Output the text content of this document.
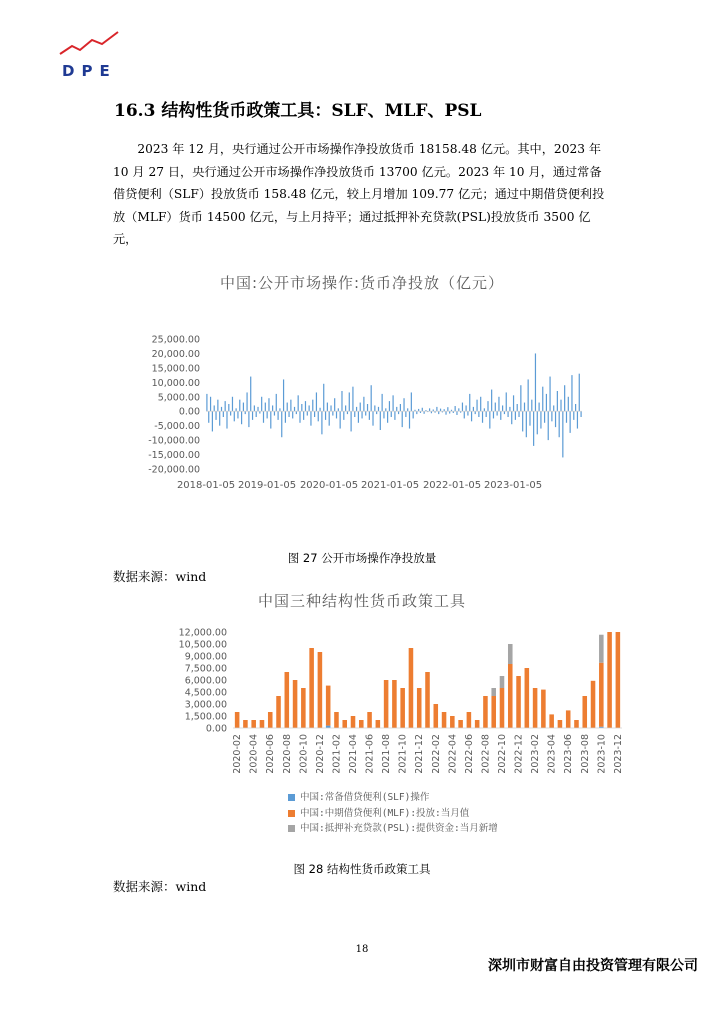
DPE
16.3 结构性货币政策工具：SLF、MLF、PSL

2023 年 12 月，央行通过公开市场操作净投放货币 18158.48 亿元。其中，2023 年 10 月 27 日，央行通过公开市场操作净投放货币 13700 亿元。2023 年 10 月，通过常备借贷便利（SLF）投放货币 158.48 亿元，较上月增加 109.77 亿元；通过中期借贷便利投放（MLF）货币 14500 亿元，与上月持平；通过抵押补充贷款(PSL)投放货币 3500 亿元，

中国:公开市场操作:货币净投放（亿元）
25,000.00
20,000.00
15,000.00
10,000.00
5,000.00
0.00
-5,000.00
-10,000.00
-15,000.00
-20,000.00
2018-01-05 2019-01-05 2020-01-05 2021-01-05 2022-01-05 2023-01-05
图 27 公开市场操作净投放量
数据来源：wind
中国三种结构性货币政策工具
12,000.00
10,500.00
9,000.00
7,500.00
6,000.00
4,500.00
3,000.00
1,500.00
0.00
2020-02 2020-04 2020-06 2020-08 2020-10 2020-12 2021-02 2021-04 2021-06 2021-08 2021-10 2021-12 2022-02 2022-04 2022-06 2022-08 2022-10 2022-12 2023-02 2023-04 2023-06 2023-08 2023-10 2023-12
中国:常备借贷便利(SLF)操作
中国:中期借贷便利(MLF):投放:当月值
中国:抵押补充贷款(PSL):提供资金:当月新增
图 28 结构性货币政策工具
数据来源：wind
18
深圳市财富自由投资管理有限公司
